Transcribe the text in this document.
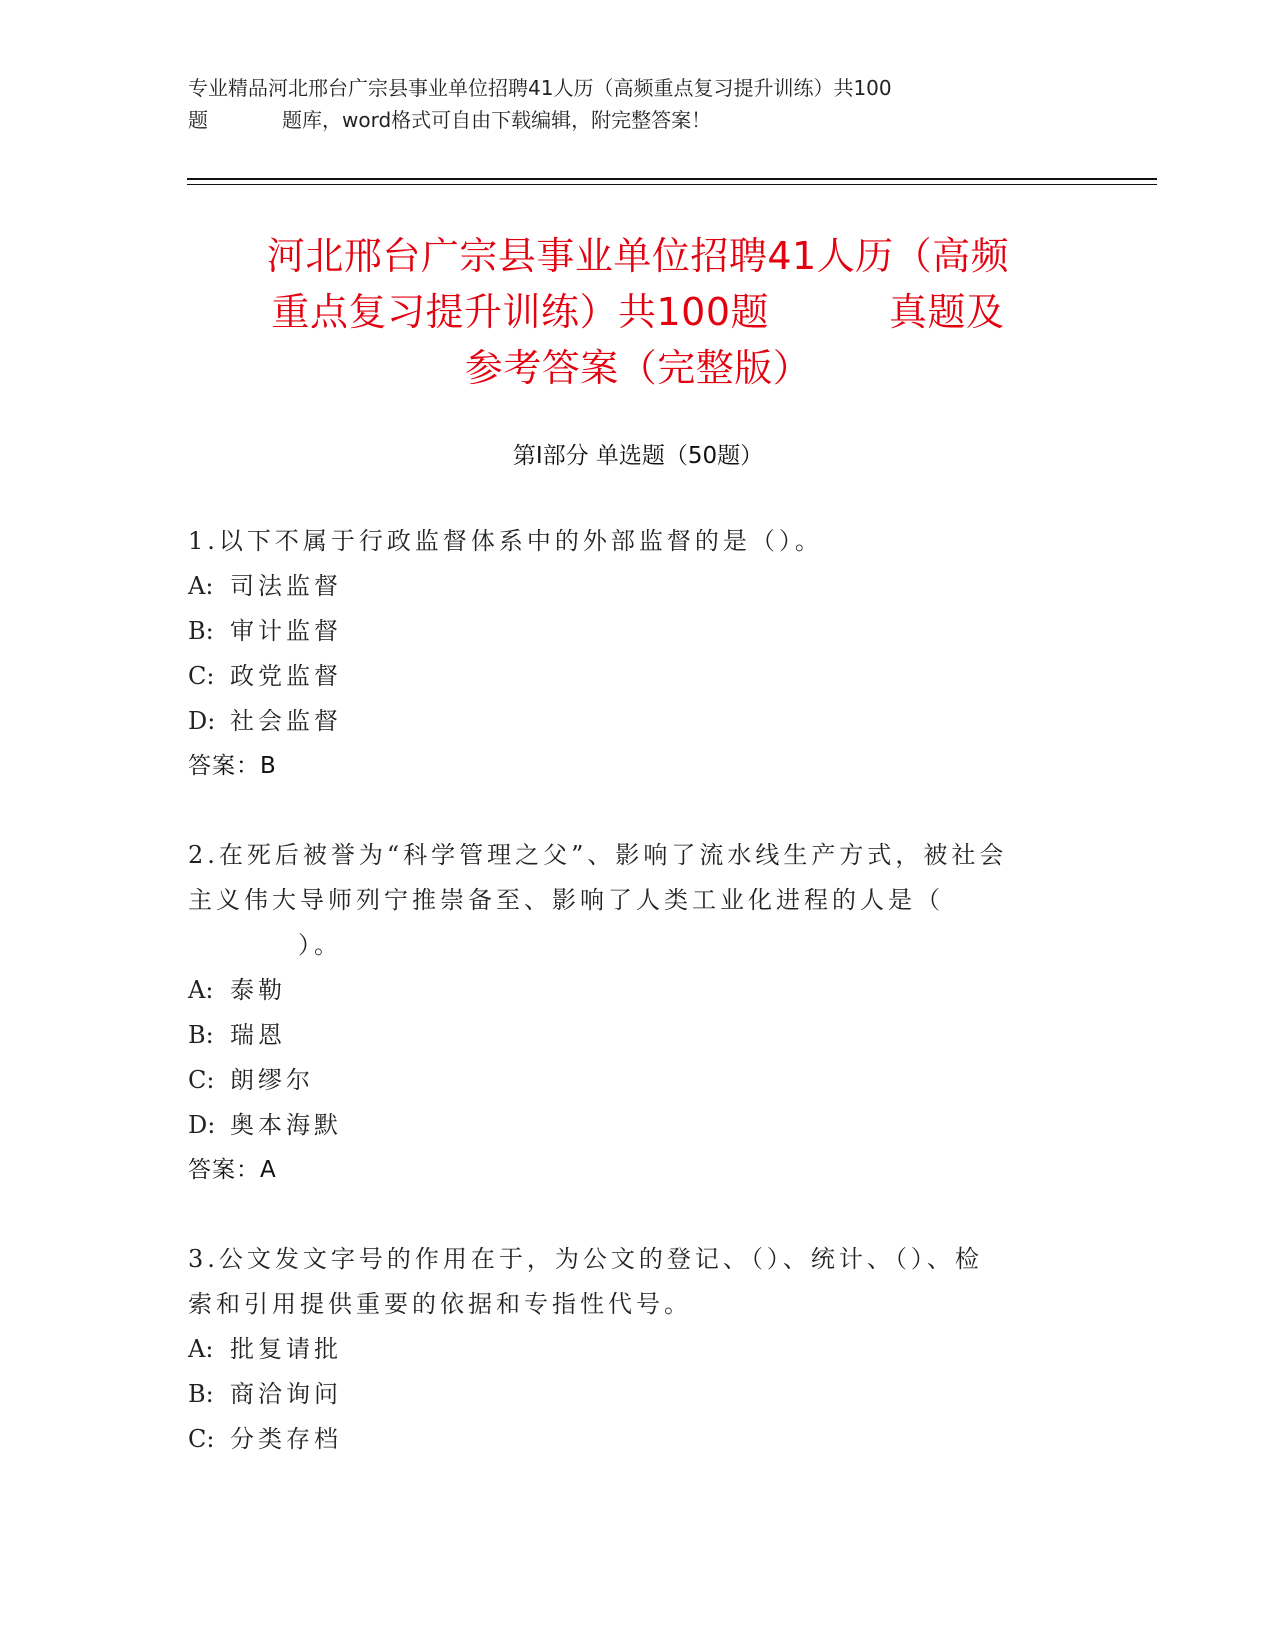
专业精品河北邢台广宗县事业单位招聘41人历（高频重点复习提升训练）共100
题	题库，word格式可自由下载编辑，附完整答案！
河北邢台广宗县事业单位招聘41人历（高频
重点复习提升训练）共100题	真题及
参考答案（完整版）
第Ⅰ部分 单选题（50题）
1.以下不属于行政监督体系中的外部监督的是（）。
A: 司法监督
B: 审计监督
C: 政党监督
D: 社会监督
答案：B
2.在死后被誉为“科学管理之父”、影响了流水线生产方式，被社会
主义伟大导师列宁推崇备至、影响了人类工业化进程的人是（
）。
A: 泰勒
B: 瑞恩
C: 朗缪尔
D: 奥本海默
答案：A
3.公文发文字号的作用在于，为公文的登记、（）、统计、（）、检
索和引用提供重要的依据和专指性代号。
A: 批复请批
B: 商洽询问
C: 分类存档
